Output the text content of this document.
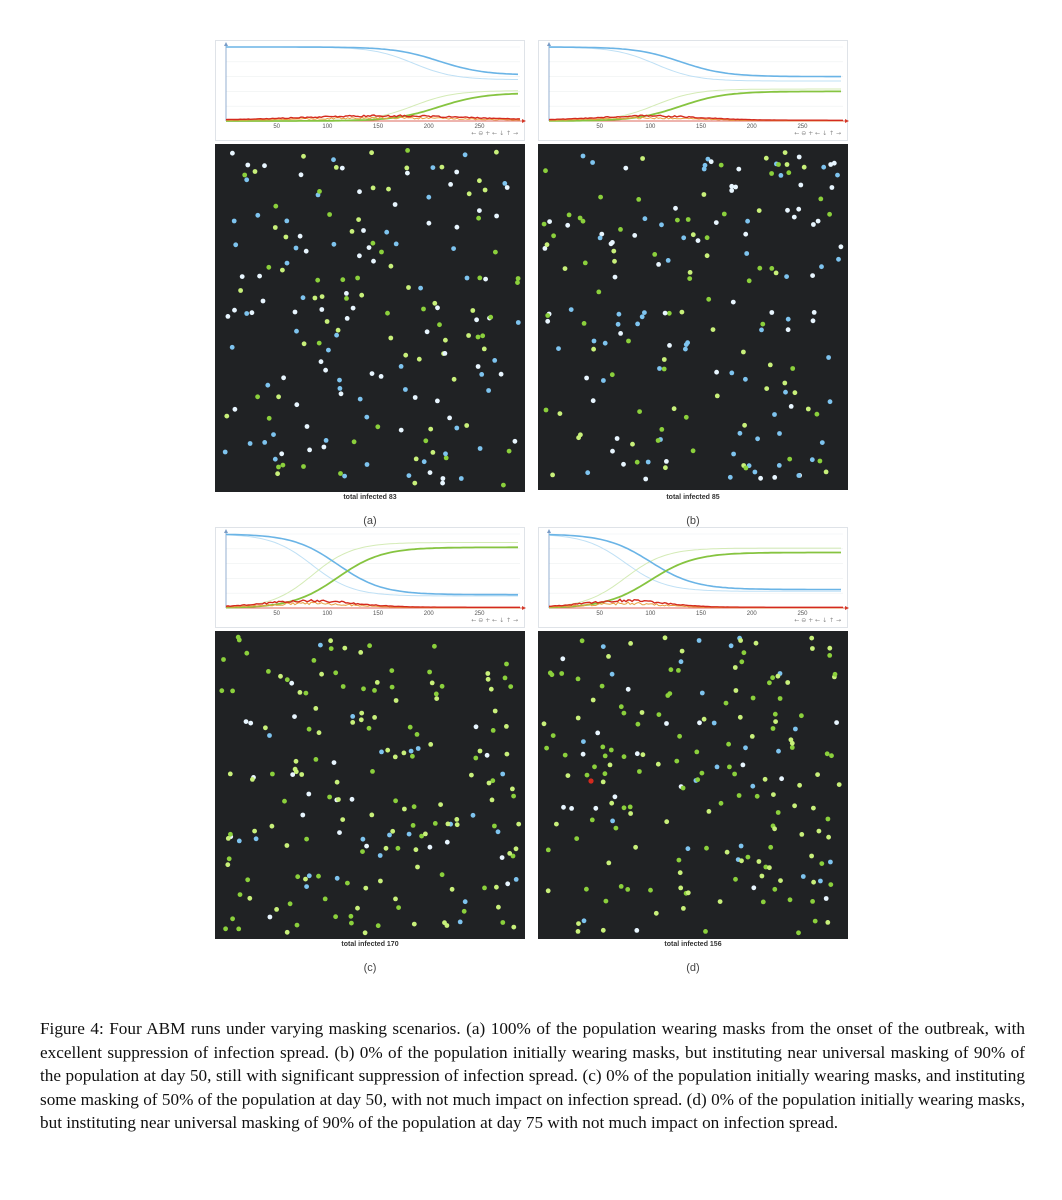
50	100	150	200	250
← ⊖ + ← ↓ ↑ →
total infected 83
(a)
50	100	150	200	250
← ⊖ + ← ↓ ↑ →
total infected 85
(b)
50	100	150	200	250
← ⊖ + ← ↓ ↑ →
total infected 170
(c)
50	100	150	200	250
← ⊖ + ← ↓ ↑ →
total infected 156
(d)

Figure 4: Four ABM runs under varying masking scenarios. (a) 100% of the population wearing masks from the onset of the outbreak, with excellent suppression of infection spread. (b) 0% of the population initially wearing masks, but instituting near universal masking of 90% of the population at day 50, still with significant suppression of infection spread. (c) 0% of the population initially wearing masks, and instituting some masking of 50% of the population at day 50, with not much impact on infection spread. (d) 0% of the population initially wearing masks, but instituting near universal masking of 90% of the population at day 75 with not much impact on infection spread.
